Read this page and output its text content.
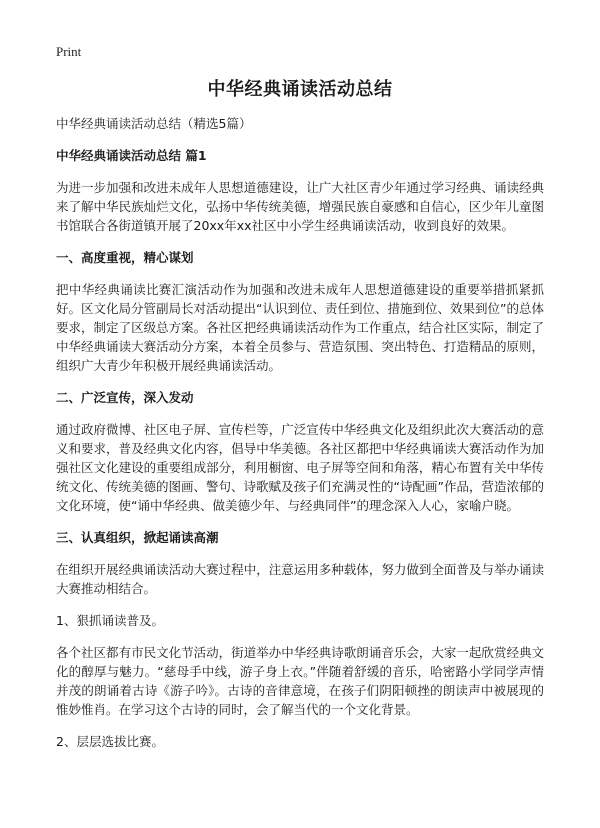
Print
中华经典诵读活动总结

中华经典诵读活动总结（精选5篇）

中华经典诵读活动总结 篇1

为进一步加强和改进未成年人思想道德建设，让广大社区青少年通过学习经典、诵读经典来了解中华民族灿烂文化，弘扬中华传统美德，增强民族自豪感和自信心，区少年儿童图书馆联合各街道镇开展了20xx年xx社区中小学生经典诵读活动，收到良好的效果。

一、高度重视，精心谋划

把中华经典诵读比赛汇演活动作为加强和改进未成年人思想道德建设的重要举措抓紧抓好。区文化局分管副局长对活动提出“认识到位、责任到位、措施到位、效果到位”的总体要求，制定了区级总方案。各社区把经典诵读活动作为工作重点，结合社区实际，制定了中华经典诵读大赛活动分方案，本着全员参与、营造氛围、突出特色、打造精品的原则，组织广大青少年积极开展经典诵读活动。

二、广泛宣传，深入发动

通过政府微博、社区电子屏、宣传栏等，广泛宣传中华经典文化及组织此次大赛活动的意义和要求，普及经典文化内容，倡导中华美德。各社区都把中华经典诵读大赛活动作为加强社区文化建设的重要组成部分，利用橱窗、电子屏等空间和角落，精心布置有关中华传统文化、传统美德的图画、警句、诗歌赋及孩子们充满灵性的“诗配画”作品，营造浓郁的文化环境，使“诵中华经典、做美德少年、与经典同伴”的理念深入人心，家喻户晓。

三、认真组织，掀起诵读高潮

在组织开展经典诵读活动大赛过程中，注意运用多种载体，努力做到全面普及与举办诵读大赛推动相结合。

1、狠抓诵读普及。

各个社区都有市民文化节活动，街道举办中华经典诗歌朗诵音乐会，大家一起欣赏经典文化的醇厚与魅力。“慈母手中线，游子身上衣。”伴随着舒缓的音乐，哈密路小学同学声情并茂的朗诵着古诗《游子吟》。古诗的音律意境，在孩子们阴阳顿挫的朗读声中被展现的惟妙惟肖。在学习这个古诗的同时，会了解当代的一个文化背景。

2、层层选拔比赛。
